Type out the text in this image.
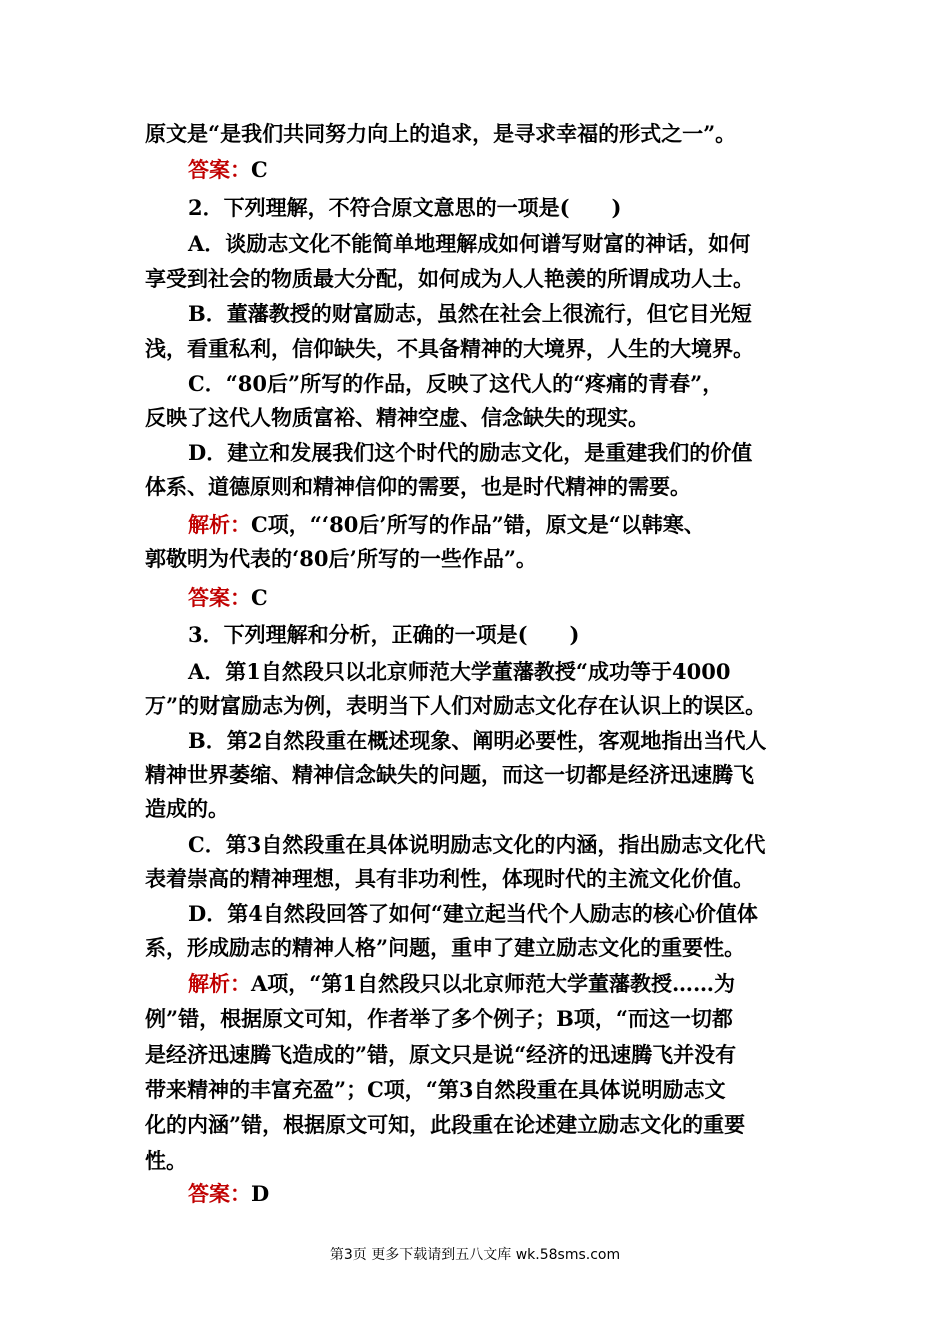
原文是“是我们共同努力向上的追求，是寻求幸福的形式之一”。
答案：C
2．下列理解，不符合原文意思的一项是(　　)
A．谈励志文化不能简单地理解成如何谱写财富的神话，如何
享受到社会的物质最大分配，如何成为人人艳羡的所谓成功人士。
B．董藩教授的财富励志，虽然在社会上很流行，但它目光短
浅，看重私利，信仰缺失，不具备精神的大境界，人生的大境界。
C．“80后”所写的作品，反映了这代人的“疼痛的青春”，
反映了这代人物质富裕、精神空虚、信念缺失的现实。
D．建立和发展我们这个时代的励志文化，是重建我们的价值
体系、道德原则和精神信仰的需要，也是时代精神的需要。
解析：C项，“‘80后’所写的作品”错，原文是“以韩寒、
郭敬明为代表的‘80后’所写的一些作品”。
答案：C
3．下列理解和分析，正确的一项是(　　)
A．第1自然段只以北京师范大学董藩教授“成功等于4000
万”的财富励志为例，表明当下人们对励志文化存在认识上的误区。
B．第2自然段重在概述现象、阐明必要性，客观地指出当代人
精神世界萎缩、精神信念缺失的问题，而这一切都是经济迅速腾飞
造成的。
C．第3自然段重在具体说明励志文化的内涵，指出励志文化代
表着崇高的精神理想，具有非功利性，体现时代的主流文化价值。
D．第4自然段回答了如何“建立起当代个人励志的核心价值体
系，形成励志的精神人格”问题，重申了建立励志文化的重要性。
解析：A项，“第1自然段只以北京师范大学董藩教授……为
例”错，根据原文可知，作者举了多个例子；B项，“而这一切都
是经济迅速腾飞造成的”错，原文只是说“经济的迅速腾飞并没有
带来精神的丰富充盈”；C项，“第3自然段重在具体说明励志文
化的内涵”错，根据原文可知，此段重在论述建立励志文化的重要
性。
答案：D
第3页 更多下载请到五八文库 wk.58sms.com
